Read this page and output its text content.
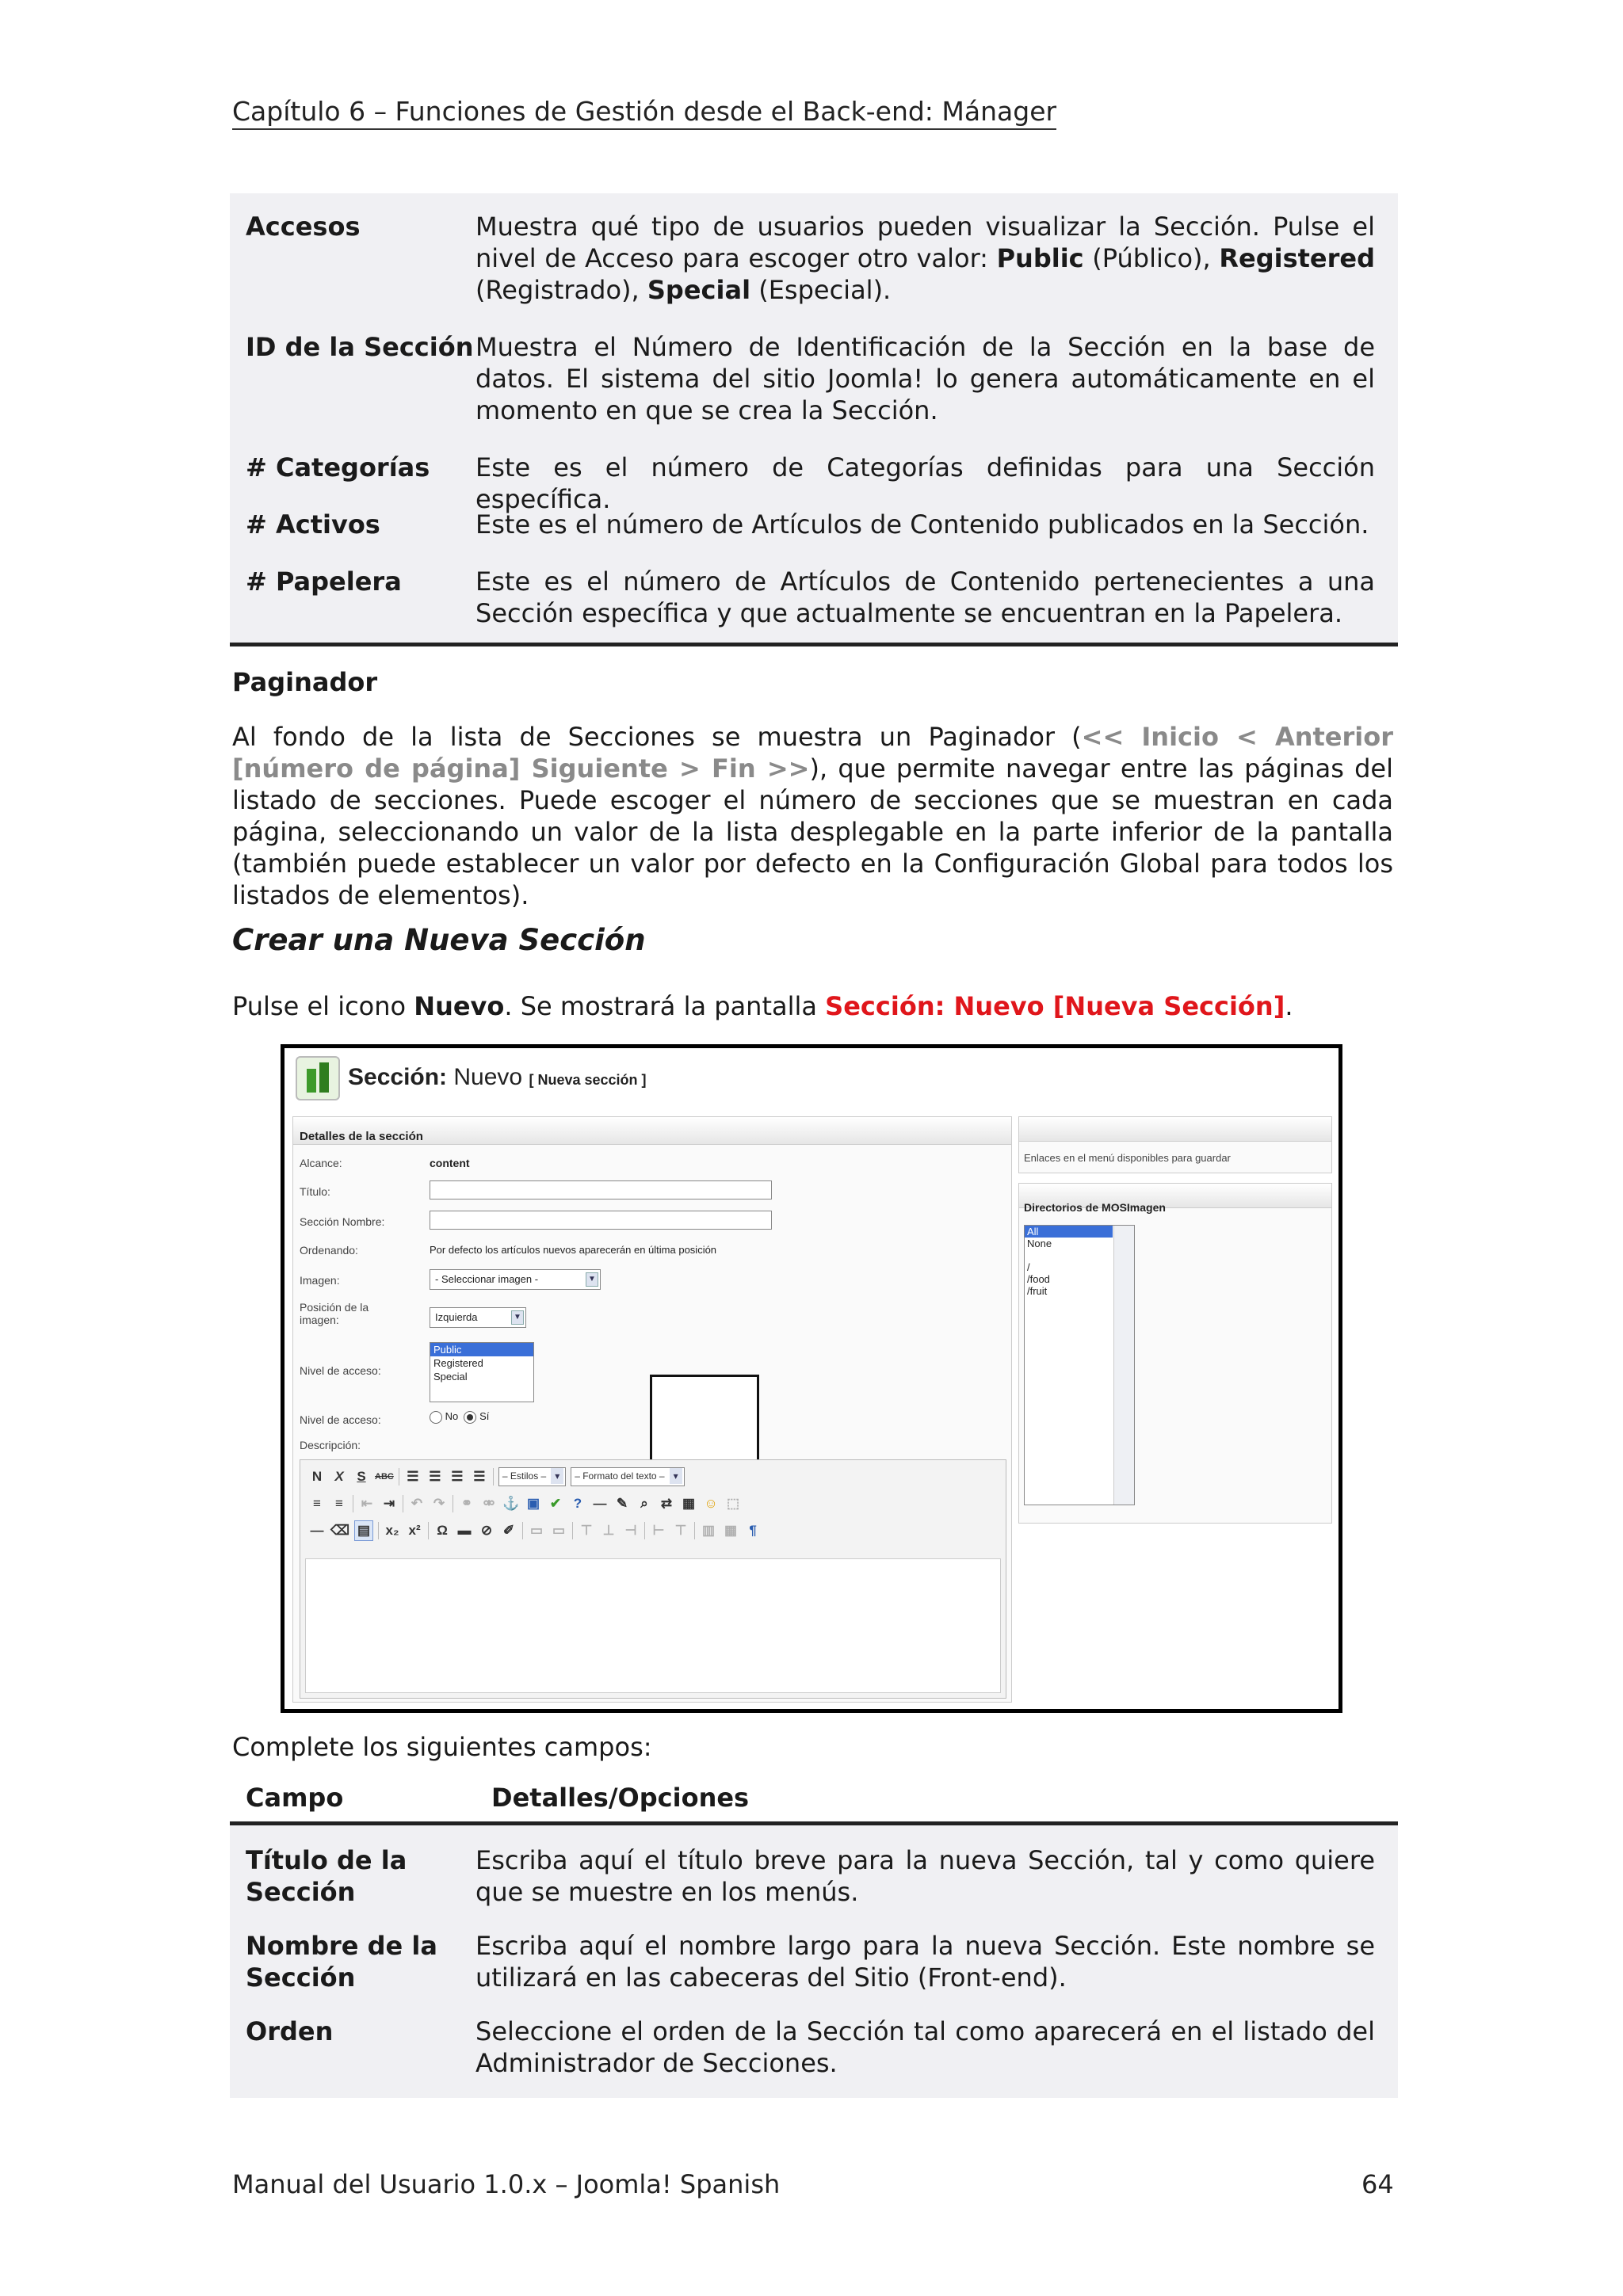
Capítulo 6 – Funciones de Gestión desde el Back-end: Mánager
Accesos	Muestra qué tipo de usuarios pueden visualizar la Sección. Pulse el nivel de Acceso para escoger otro valor: Public (Público), Registered (Registrado), Special (Especial).
ID de la Sección Muestra el Número de Identificación de la Sección en la base de datos. El sistema del sitio Joomla! lo genera automáticamente en el momento en que se crea la Sección.
# Categorías	Este es el número de Categorías definidas para una Sección específica.
# Activos	Este es el número de Artículos de Contenido publicados en la Sección.
# Papelera	Este es el número de Artículos de Contenido pertenecientes a una Sección específica y que actualmente se encuentran en la Papelera.
Paginador
Al fondo de la lista de Secciones se muestra un Paginador (<< Inicio < Anterior [número de página] Siguiente > Fin >>), que permite navegar entre las páginas del listado de secciones. Puede escoger el número de secciones que se muestran en cada página, seleccionando un valor de la lista desplegable en la parte inferior de la pantalla (también puede establecer un valor por defecto en la Configuración Global para todos los listados de elementos).
Crear una Nueva Sección
Pulse el icono Nuevo. Se mostrará la pantalla Sección: Nuevo [Nueva Sección].
Sección: Nuevo [ Nueva sección ]
Detalles de la sección
Alcance:	content
Título:
Sección Nombre:
Ordenando:	Por defecto los artículos nuevos aparecerán en última posición
Imagen:	- Seleccionar imagen -	▼
Posición de la imagen:	Izquierda	▼
Nivel de acceso:
Public
Registered
Special
Nivel de acceso:	No Sí
Descripción:
N X S	ABC ☰ ☰ ☰ ☰	– Estilos – ▾	– Formato del texto – ▾
≡	≡	⇤ ⇥ ↶ ↷ ⚭ ⚮ ⚓ ▣ ✔ ? ― ✎ ⌕ ⇄ ▦ ☺ ⬚
— ⌫ ▤ x₂ x² Ω ▬ ⊘ ✐ ▭ ▭ ⊤ ⊥ ⊣ ⊢ ⊤ ▥ ▦ ¶
Enlaces en el menú disponibles para guardar
Directorios de MOSImagen
All
None
/
/food
/fruit
Complete los siguientes campos:
Campo	Detalles/Opciones
Título de la Sección
Escriba aquí el título breve para la nueva Sección, tal y como quiere que se muestre en los menús.
Nombre de la Sección
Escriba aquí el nombre largo para la nueva Sección. Este nombre se utilizará en las cabeceras del Sitio (Front-end).
Orden	Seleccione el orden de la Sección tal como aparecerá en el listado del Administrador de Secciones.
Manual del Usuario 1.0.x – Joomla! Spanish	64
